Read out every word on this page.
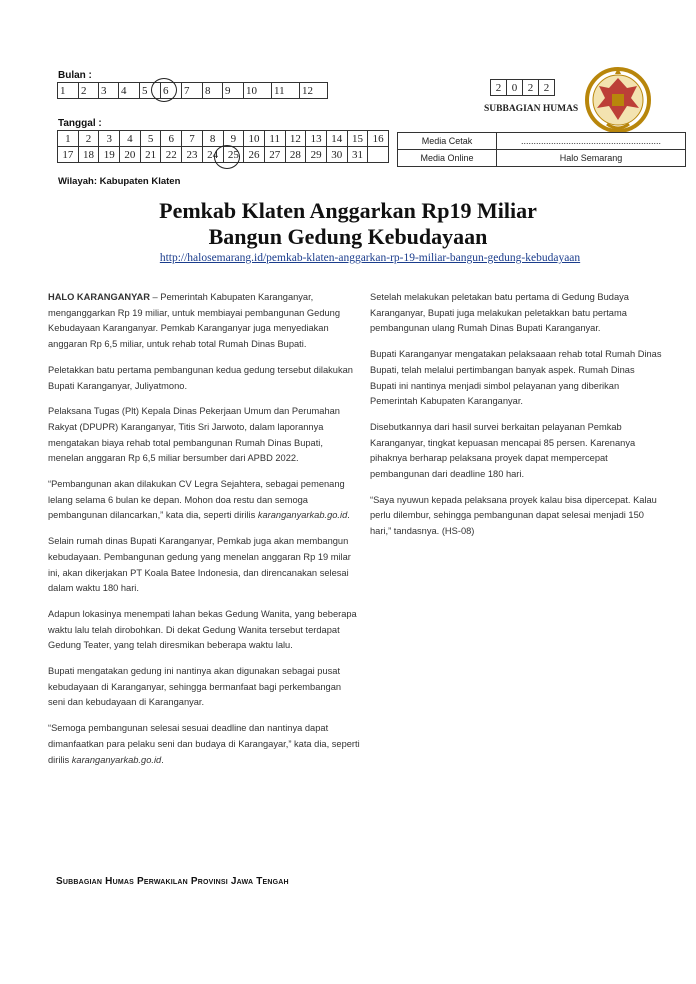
Bulan :
1	2	3	4	5	6	7	8	9	10	11	12	2	0	2	2
SUBBAGIAN HUMAS
Tanggal :
1	2	3	4	5	6	7	8	9	10	11	12	13	14	15	16
17	18	19	20	21	22	23	24	25	26	27	28	29	30	31	
Media Cetak	........................................................
Media Online	Halo Semarang
Wilayah: Kabupaten Klaten
Pemkab Klaten Anggarkan Rp19 Miliar
Bangun Gedung Kebudayaan
http://halosemarang.id/pemkab-klaten-anggarkan-rp-19-miliar-bangun-gedung-kebudayaan

HALO KARANGANYAR – Pemerintah Kabupaten Karanganyar, menganggarkan Rp 19 miliar, untuk membiayai pembangunan Gedung Kebudayaan Karanganyar. Pemkab Karanganyar juga menyediakan anggaran Rp 6,5 miliar, untuk rehab total Rumah Dinas Bupati.

Peletakkan batu pertama pembangunan kedua gedung tersebut dilakukan Bupati Karanganyar, Juliyatmono.

Pelaksana Tugas (Plt) Kepala Dinas Pekerjaan Umum dan Perumahan Rakyat (DPUPR) Karanganyar, Titis Sri Jarwoto, dalam laporannya mengatakan biaya rehab total pembangunan Rumah Dinas Bupati, menelan anggaran Rp 6,5 miliar bersumber dari APBD 2022.

“Pembangunan akan dilakukan CV Legra Sejahtera, sebagai pemenang lelang selama 6 bulan ke depan. Mohon doa restu dan semoga pembangunan dilancarkan,” kata dia, seperti dirilis karanganyarkab.go.id.

Selain rumah dinas Bupati Karanganyar, Pemkab juga akan membangun kebudayaan. Pembangunan gedung yang menelan anggaran Rp 19 milar ini, akan dikerjakan PT Koala Batee Indonesia, dan direncanakan selesai dalam waktu 180 hari.

Adapun lokasinya menempati lahan bekas Gedung Wanita, yang beberapa waktu lalu telah dirobohkan. Di dekat Gedung Wanita tersebut terdapat Gedung Teater, yang telah diresmikan beberapa waktu lalu.

Bupati mengatakan gedung ini nantinya akan digunakan sebagai pusat kebudayaan di Karanganyar, sehingga bermanfaat bagi perkembangan seni dan kebudayaan di Karanganyar.

“Semoga pembangunan selesai sesuai deadline dan nantinya dapat dimanfaatkan para pelaku seni dan budaya di Karangayar,” kata dia, seperti dirilis karanganyarkab.go.id.

Setelah melakukan peletakan batu pertama di Gedung Budaya Karanganyar, Bupati juga melakukan peletakkan batu pertama pembangunan ulang Rumah Dinas Bupati Karanganyar.

Bupati Karanganyar mengatakan pelaksaaan rehab total Rumah Dinas Bupati, telah melalui pertimbangan banyak aspek. Rumah Dinas Bupati ini nantinya menjadi simbol pelayanan yang diberikan Pemerintah Kabupaten Karanganyar.

Disebutkannya dari hasil survei berkaitan pelayanan Pemkab Karanganyar, tingkat kepuasan mencapai 85 persen. Karenanya pihaknya berharap pelaksana proyek dapat mempercepat pembangunan dari deadline 180 hari.

“Saya nyuwun kepada pelaksana proyek kalau bisa dipercepat. Kalau perlu dilembur, sehingga pembangunan dapat selesai menjadi 150 hari,” tandasnya. (HS-08)

Subbagian Humas Perwakilan Provinsi Jawa Tengah
